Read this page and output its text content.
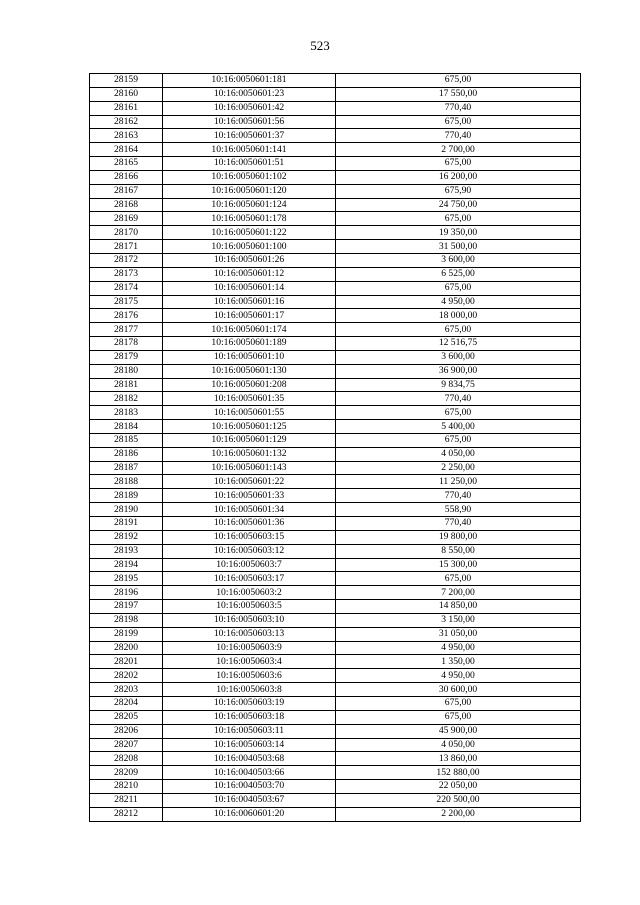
523
28159	10:16:0050601:181	675,00
28160	10:16:0050601:23	17 550,00
28161	10:16:0050601:42	770,40
28162	10:16:0050601:56	675,00
28163	10:16:0050601:37	770,40
28164	10:16:0050601:141	2 700,00
28165	10:16:0050601:51	675,00
28166	10:16:0050601:102	16 200,00
28167	10:16:0050601:120	675,90
28168	10:16:0050601:124	24 750,00
28169	10:16:0050601:178	675,00
28170	10:16:0050601:122	19 350,00
28171	10:16:0050601:100	31 500,00
28172	10:16:0050601:26	3 600,00
28173	10:16:0050601:12	6 525,00
28174	10:16:0050601:14	675,00
28175	10:16:0050601:16	4 950,00
28176	10:16:0050601:17	18 000,00
28177	10:16:0050601:174	675,00
28178	10:16:0050601:189	12 516,75
28179	10:16:0050601:10	3 600,00
28180	10:16:0050601:130	36 900,00
28181	10:16:0050601:208	9 834,75
28182	10:16:0050601:35	770,40
28183	10:16:0050601:55	675,00
28184	10:16:0050601:125	5 400,00
28185	10:16:0050601:129	675,00
28186	10:16:0050601:132	4 050,00
28187	10:16:0050601:143	2 250,00
28188	10:16:0050601:22	11 250,00
28189	10:16:0050601:33	770,40
28190	10:16:0050601:34	558,90
28191	10:16:0050601:36	770,40
28192	10:16:0050603:15	19 800,00
28193	10:16:0050603:12	8 550,00
28194	10:16:0050603:7	15 300,00
28195	10:16:0050603:17	675,00
28196	10:16:0050603:2	7 200,00
28197	10:16:0050603:5	14 850,00
28198	10:16:0050603:10	3 150,00
28199	10:16:0050603:13	31 050,00
28200	10:16:0050603:9	4 950,00
28201	10:16:0050603:4	1 350,00
28202	10:16:0050603:6	4 950,00
28203	10:16:0050603:8	30 600,00
28204	10:16:0050603:19	675,00
28205	10:16:0050603:18	675,00
28206	10:16:0050603:11	45 900,00
28207	10:16:0050603:14	4 050,00
28208	10:16:0040503:68	13 860,00
28209	10:16:0040503:66	152 880,00
28210	10:16:0040503:70	22 050,00
28211	10:16:0040503:67	220 500,00
28212	10:16:0060601:20	2 200,00
